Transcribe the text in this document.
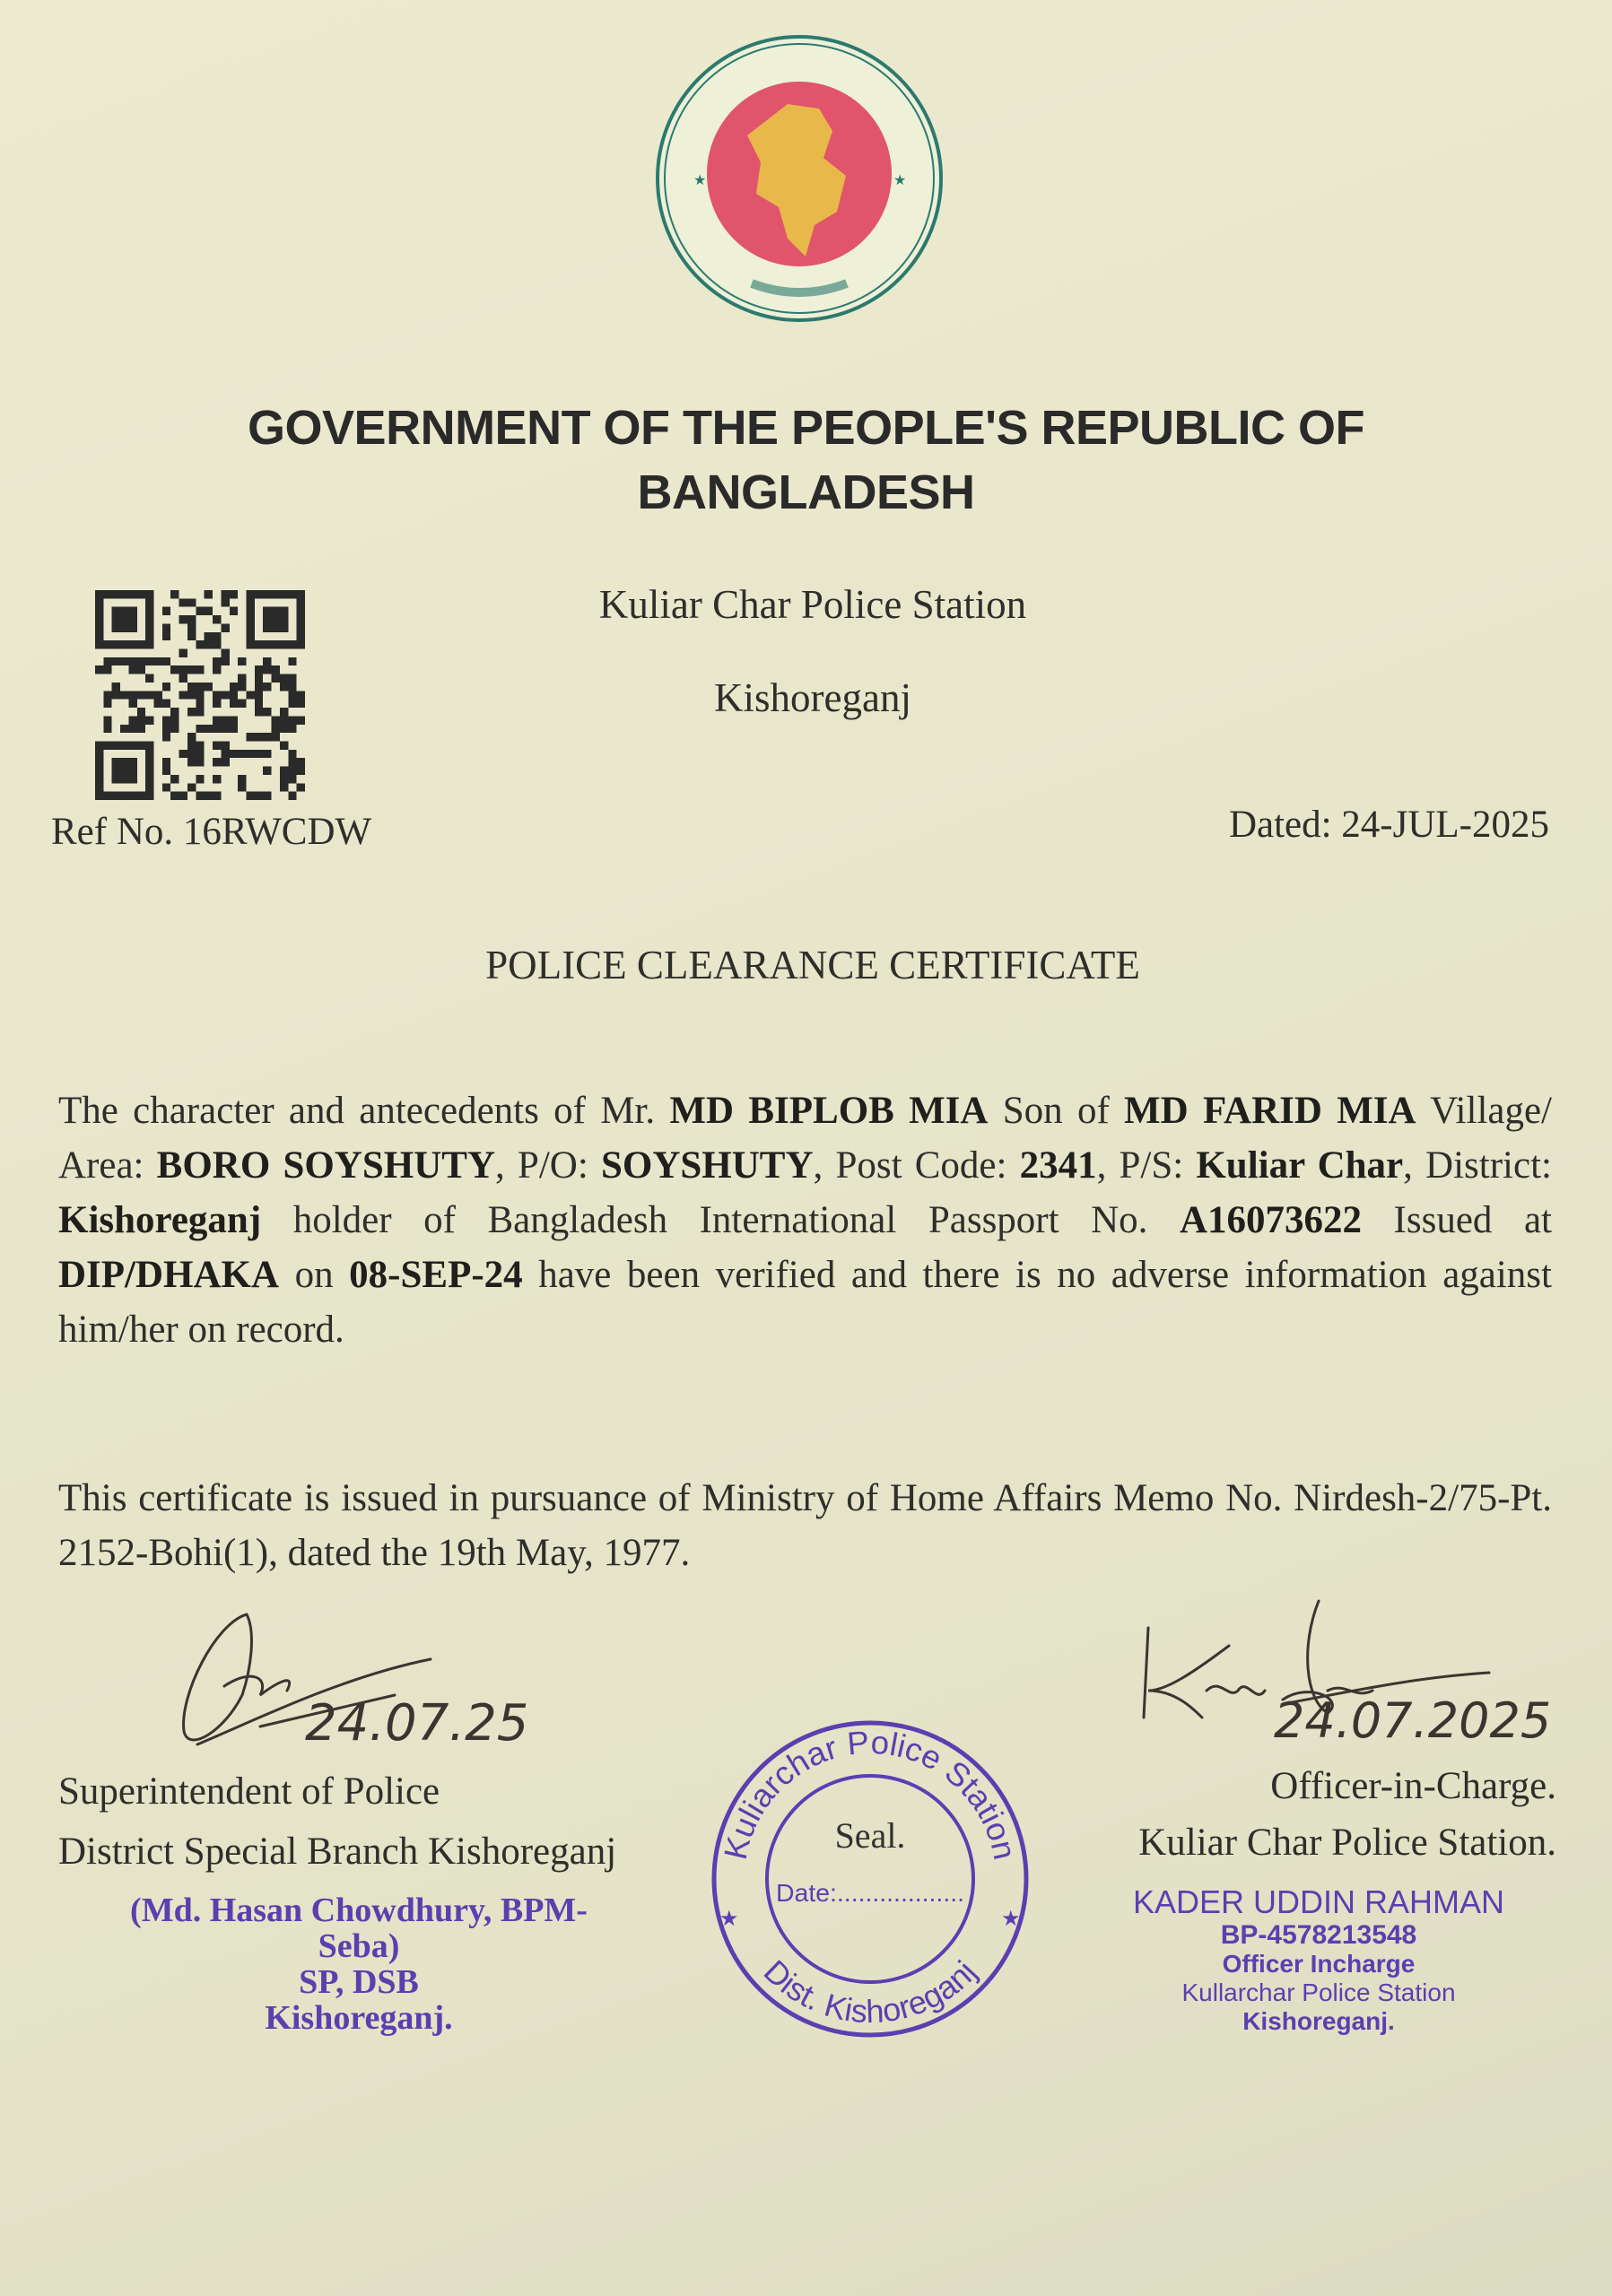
★	★
GOVERNMENT OF THE PEOPLE'S REPUBLIC OF
BANGLADESH
Kuliar Char Police Station
Kishoreganj
Ref No. 16RWCDW	Dated: 24-JUL-2025
POLICE CLEARANCE CERTIFICATE
The character and antecedents of Mr. MD BIPLOB MIA Son of MD FARID MIA Village/ Area: BORO SOYSHUTY, P/O: SOYSHUTY, Post Code: 2341, P/S: Kuliar Char, District: Kishoreganj holder of Bangladesh International Passport No. A16073622 Issued at DIP/DHAKA on 08-SEP-24 have been verified and there is no adverse information against him/her on record.
This certificate is issued in pursuance of Ministry of Home Affairs Memo No. Nirdesh-2/75-Pt. 2152-Bohi(1), dated the 19th May, 1977.
24.07.25
Superintendent of Police
District Special Branch Kishoreganj
(Md. Hasan Chowdhury, BPM-Seba)
SP, DSB
Kishoreganj.
Kuliarchar Police Station
Dist. Kishoreganj
★	★
Seal.
Date:..................
24.07.2025
Officer-in-Charge.
Kuliar Char Police Station.
KADER UDDIN RAHMAN
BP-4578213548
Officer Incharge
Kullarchar Police Station
Kishoreganj.
